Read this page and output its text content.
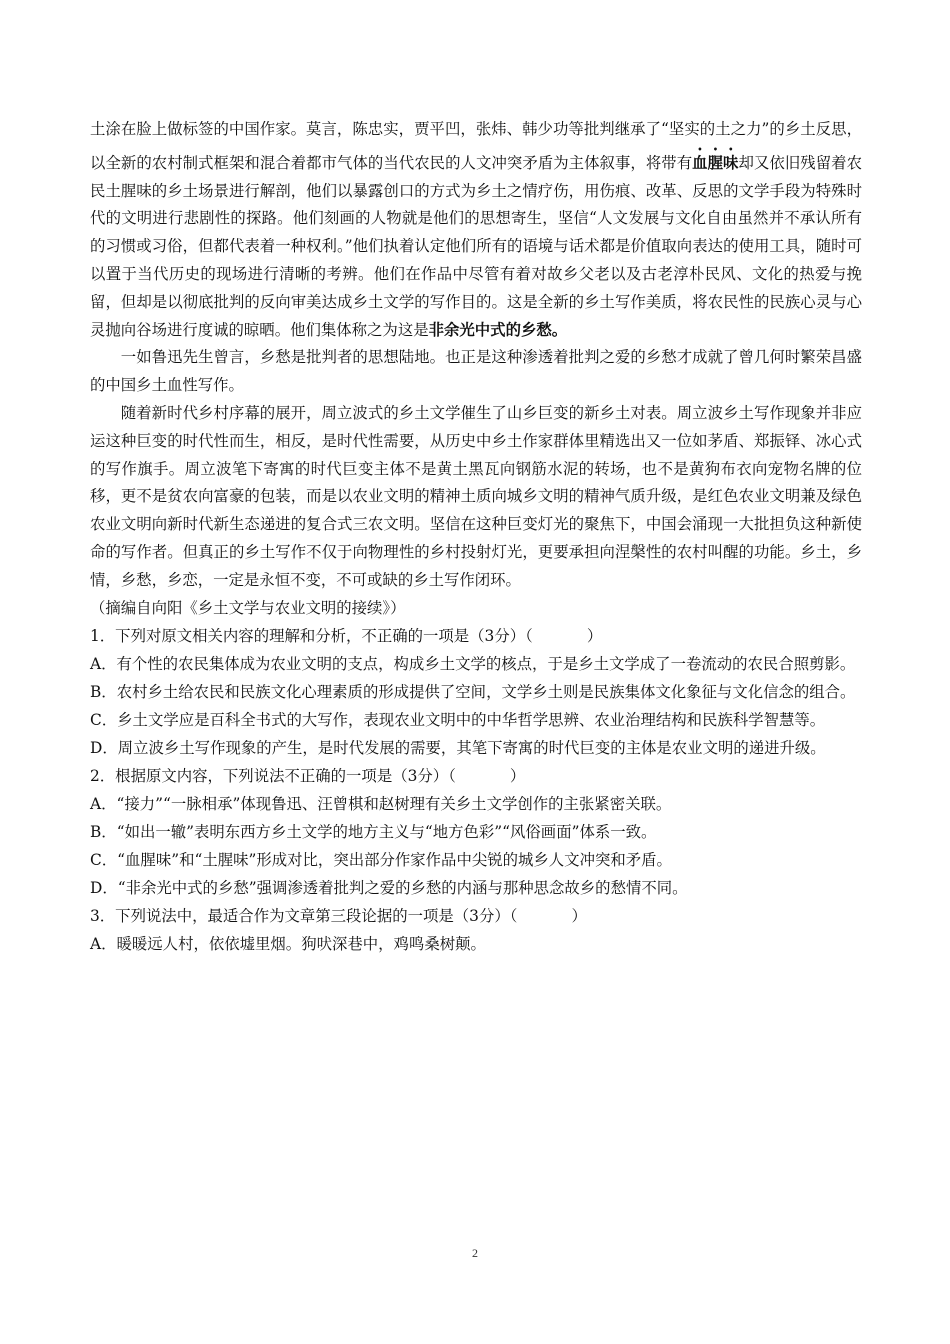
土涂在脸上做标签的中国作家。莫言，陈忠实，贾平凹，张炜、韩少功等批判继承了“坚实的土之力”的乡土反思，以全新的农村制式框架和混合着都市气体的当代农民的人文冲突矛盾为主体叙事，将带有血腥味却又依旧残留着农民土腥味的乡土场景进行解剖，他们以暴露创口的方式为乡土之情疗伤，用伤痕、改革、反思的文学手段为特殊时代的文明进行悲剧性的探路。他们刻画的人物就是他们的思想寄生，坚信“人文发展与文化自由虽然并不承认所有的习惯或习俗，但都代表着一种权利。”他们执着认定他们所有的语境与话术都是价值取向表达的使用工具，随时可以置于当代历史的现场进行清晰的考辨。他们在作品中尽管有着对故乡父老以及古老淳朴民风、文化的热爱与挽留，但却是以彻底批判的反向审美达成乡土文学的写作目的。这是全新的乡土写作美质，将农民性的民族心灵与心灵抛向谷场进行度诚的晾晒。他们集体称之为这是非余光中式的乡愁。

一如鲁迅先生曾言，乡愁是批判者的思想陆地。也正是这种渗透着批判之爱的乡愁才成就了曾几何时繁荣昌盛的中国乡土血性写作。

随着新时代乡村序幕的展开，周立波式的乡土文学催生了山乡巨变的新乡土对表。周立波乡土写作现象并非应运这种巨变的时代性而生，相反，是时代性需要，从历史中乡土作家群体里精选出又一位如茅盾、郑振铎、冰心式的写作旗手。周立波笔下寄寓的时代巨变主体不是黄土黑瓦向钢筋水泥的转场，也不是黄狗布衣向宠物名牌的位移，更不是贫农向富豪的包装，而是以农业文明的精神土质向城乡文明的精神气质升级，是红色农业文明兼及绿色农业文明向新时代新生态递进的复合式三农文明。坚信在这种巨变灯光的聚焦下，中国会涌现一大批担负这种新使命的写作者。但真正的乡土写作不仅于向物理性的乡村投射灯光，更要承担向涅槃性的农村叫醒的功能。乡土，乡情，乡愁，乡恋，一定是永恒不变，不可或缺的乡土写作闭环。

（摘编自向阳《乡土文学与农业文明的接续》）

1．下列对原文相关内容的理解和分析，不正确的一项是（3分）（	）

A．有个性的农民集体成为农业文明的支点，构成乡土文学的核点，于是乡土文学成了一卷流动的农民合照剪影。

B．农村乡土给农民和民族文化心理素质的形成提供了空间，文学乡土则是民族集体文化象征与文化信念的组合。

C．乡土文学应是百科全书式的大写作，表现农业文明中的中华哲学思辨、农业治理结构和民族科学智慧等。

D．周立波乡土写作现象的产生，是时代发展的需要，其笔下寄寓的时代巨变的主体是农业文明的递进升级。

2．根据原文内容，下列说法不正确的一项是（3分）（	）

A．“接力”“一脉相承”体现鲁迅、汪曾棋和赵树理有关乡土文学创作的主张紧密关联。

B．“如出一辙”表明东西方乡土文学的地方主义与“地方色彩”“风俗画面”体系一致。

C．“血腥味”和“土腥味”形成对比，突出部分作家作品中尖锐的城乡人文冲突和矛盾。

D．“非余光中式的乡愁”强调渗透着批判之爱的乡愁的内涵与那种思念故乡的愁情不同。

3．下列说法中，最适合作为文章第三段论据的一项是（3分）（	）

A．暖暖远人村，依依墟里烟。狗吠深巷中，鸡鸣桑树颠。

2
